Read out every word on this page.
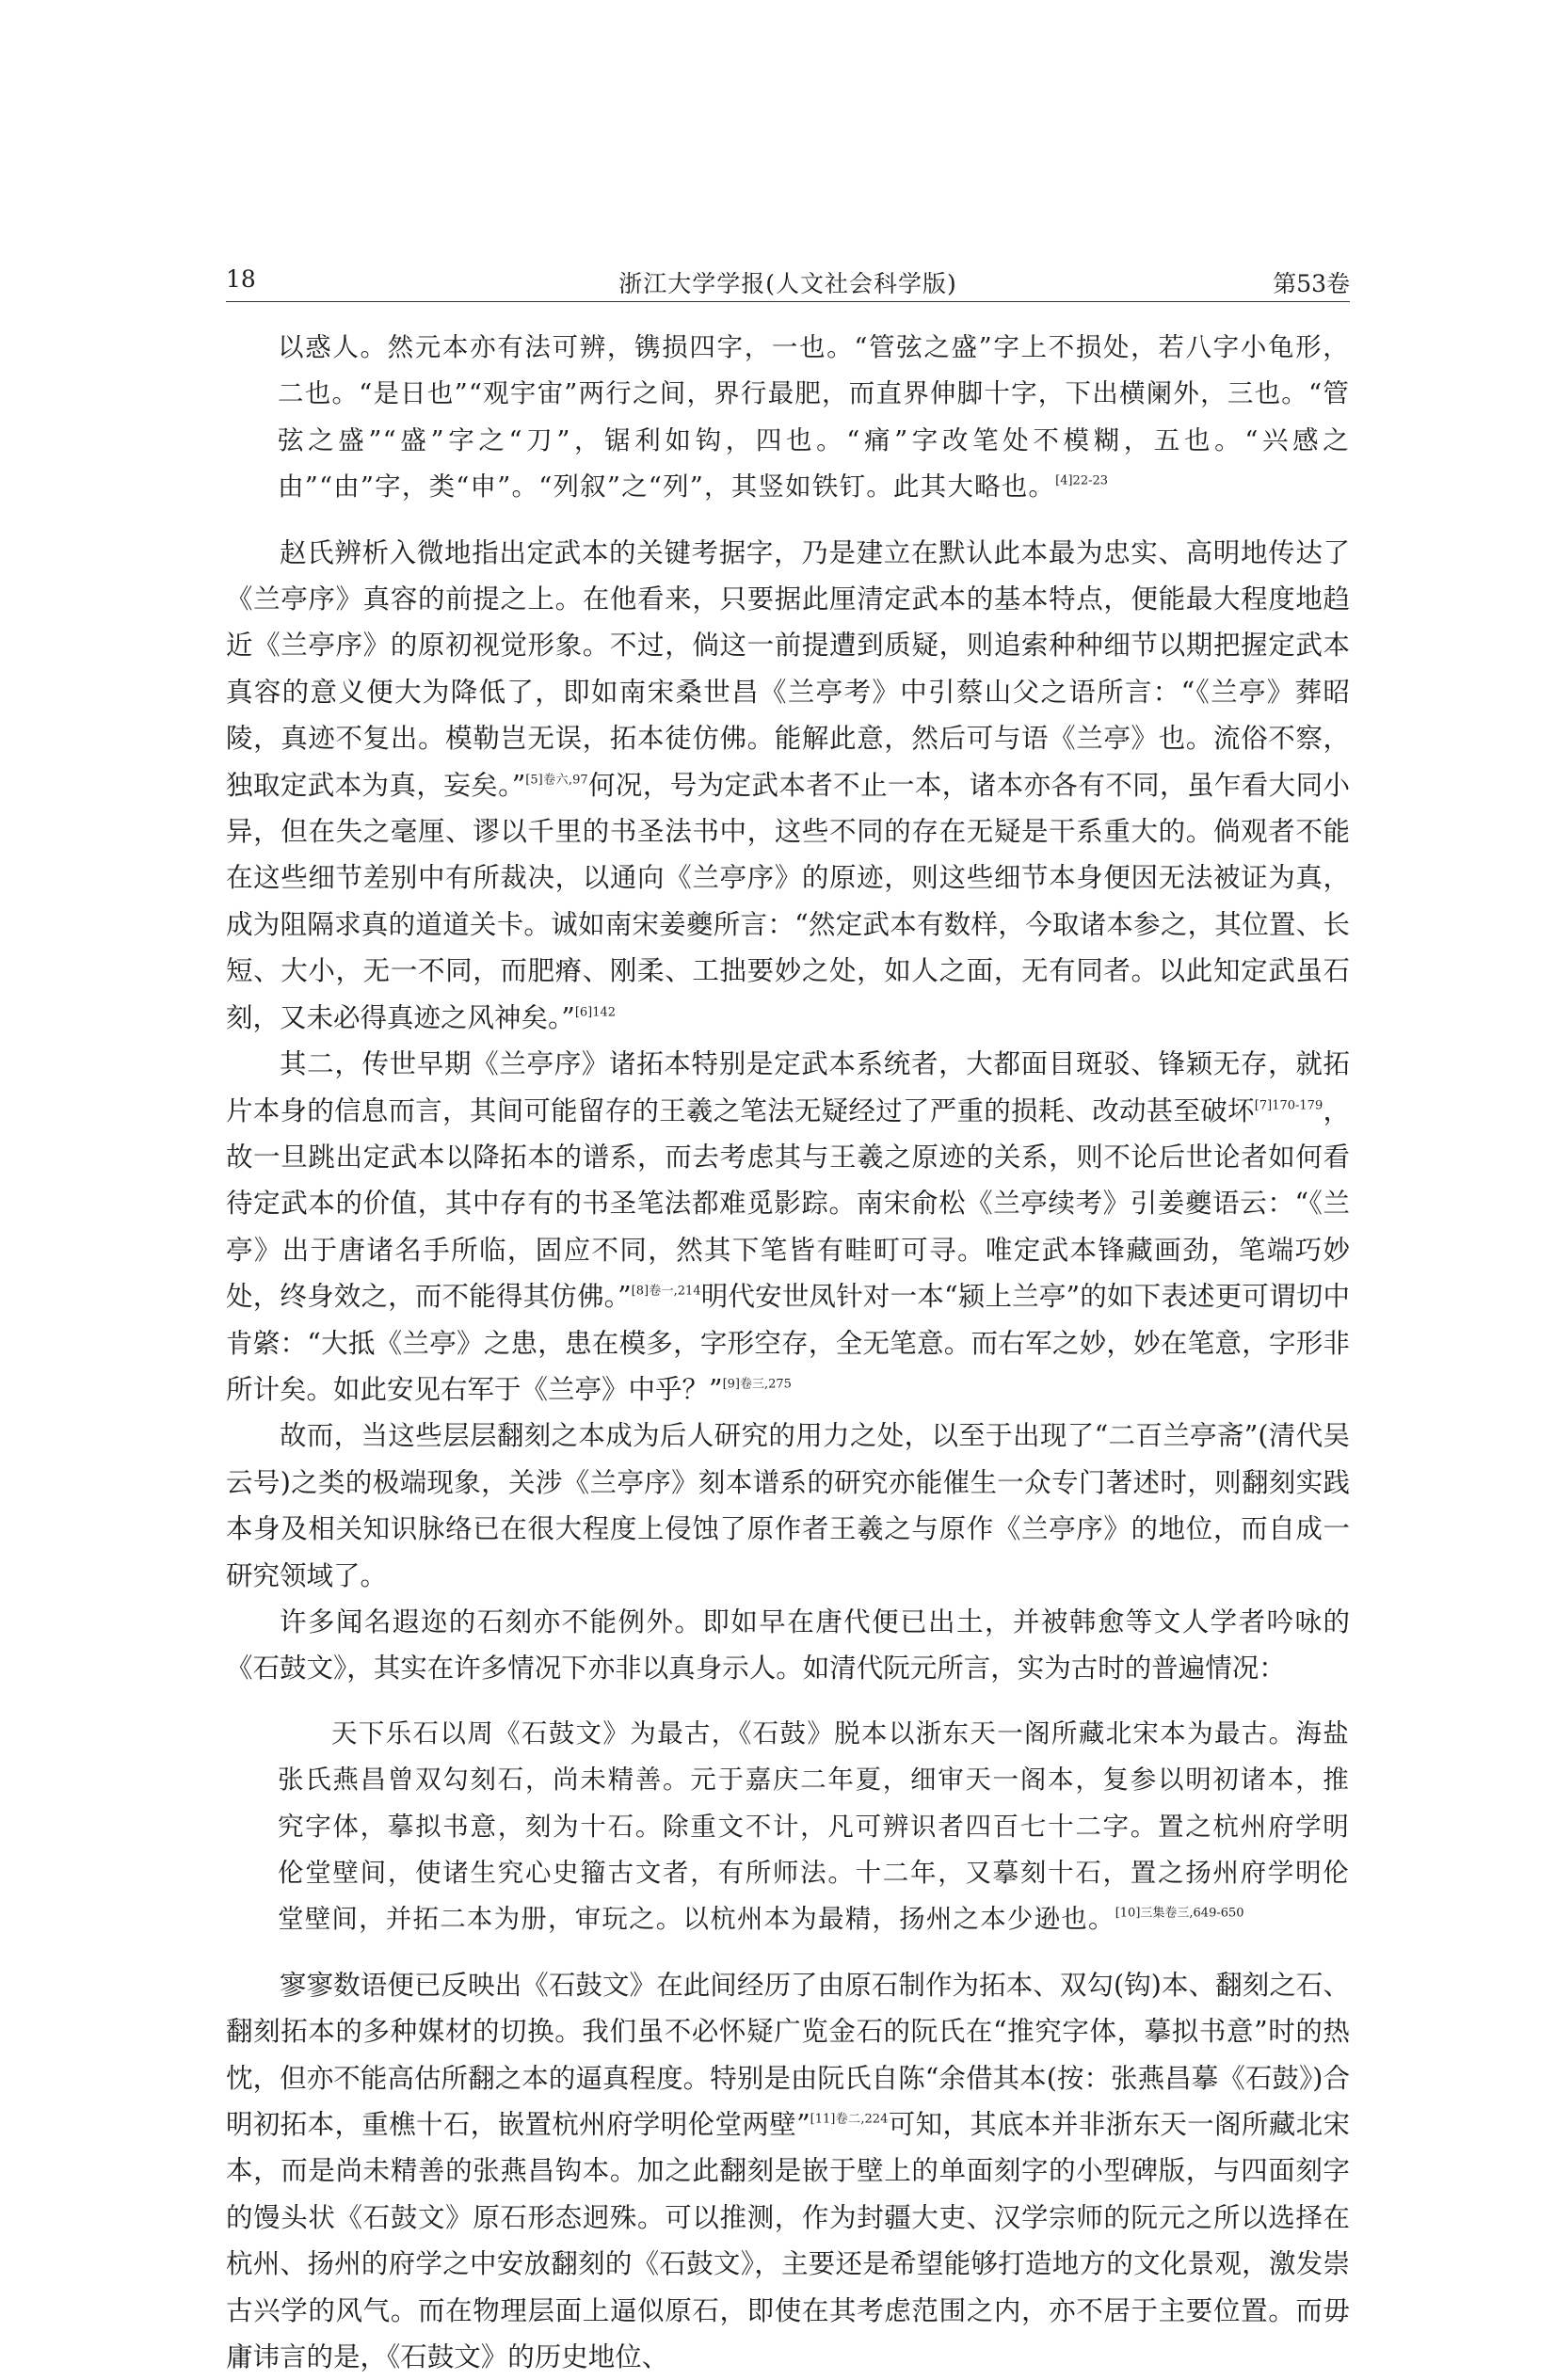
18	浙江大学学报(人文社会科学版)	第53卷

以惑人。然元本亦有法可辨，镌损四字，一也。“管弦之盛”字上不损处，若八字小龟形，二也。“是日也”“观宇宙”两行之间，界行最肥，而直界伸脚十字，下出横阑外，三也。“管弦之盛”“盛”字之“刀”，锯利如钩，四也。“痛”字改笔处不模糊，五也。“兴感之由”“由”字，类“申”。“列叙”之“列”，其竖如铁钉。此其大略也。$^{[4]22-23}$

赵氏辨析入微地指出定武本的关键考据字，乃是建立在默认此本最为忠实、高明地传达了《兰亭序》真容的前提之上。在他看来，只要据此厘清定武本的基本特点，便能最大程度地趋近《兰亭序》的原初视觉形象。不过，倘这一前提遭到质疑，则追索种种细节以期把握定武本真容的意义便大为降低了，即如南宋桑世昌《兰亭考》中引蔡山父之语所言：“《兰亭》葬昭陵，真迹不复出。模勒岂无误，拓本徒仿佛。能解此意，然后可与语《兰亭》也。流俗不察，独取定武本为真，妄矣。”$^{[5]卷六,97}$何况，号为定武本者不止一本，诸本亦各有不同，虽乍看大同小异，但在失之毫厘、谬以千里的书圣法书中，这些不同的存在无疑是干系重大的。倘观者不能在这些细节差别中有所裁决，以通向《兰亭序》的原迹，则这些细节本身便因无法被证为真，成为阻隔求真的道道关卡。诚如南宋姜夔所言：“然定武本有数样，今取诸本参之，其位置、长短、大小，无一不同，而肥瘠、刚柔、工拙要妙之处，如人之面，无有同者。以此知定武虽石刻，又未必得真迹之风神矣。”$^{[6]142}$

其二，传世早期《兰亭序》诸拓本特别是定武本系统者，大都面目斑驳、锋颖无存，就拓片本身的信息而言，其间可能留存的王羲之笔法无疑经过了严重的损耗、改动甚至破坏$^{[7]170-179}$，故一旦跳出定武本以降拓本的谱系，而去考虑其与王羲之原迹的关系，则不论后世论者如何看待定武本的价值，其中存有的书圣笔法都难觅影踪。南宋俞松《兰亭续考》引姜夔语云：“《兰亭》出于唐诸名手所临，固应不同，然其下笔皆有畦町可寻。唯定武本锋藏画劲，笔端巧妙处，终身效之，而不能得其仿佛。”$^{[8]卷一,214}$明代安世凤针对一本“颍上兰亭”的如下表述更可谓切中肯綮：“大抵《兰亭》之患，患在模多，字形空存，全无笔意。而右军之妙，妙在笔意，字形非所计矣。如此安见右军于《兰亭》中乎？”$^{[9]卷三,275}$

故而，当这些层层翻刻之本成为后人研究的用力之处，以至于出现了“二百兰亭斋”(清代吴云号)之类的极端现象，关涉《兰亭序》刻本谱系的研究亦能催生一众专门著述时，则翻刻实践本身及相关知识脉络已在很大程度上侵蚀了原作者王羲之与原作《兰亭序》的地位，而自成一研究领域了。

许多闻名遐迩的石刻亦不能例外。即如早在唐代便已出土，并被韩愈等文人学者吟咏的《石鼓文》，其实在许多情况下亦非以真身示人。如清代阮元所言，实为古时的普遍情况：

天下乐石以周《石鼓文》为最古，《石鼓》脱本以浙东天一阁所藏北宋本为最古。海盐张氏燕昌曾双勾刻石，尚未精善。元于嘉庆二年夏，细审天一阁本，复参以明初诸本，推究字体，摹拟书意，刻为十石。除重文不计，凡可辨识者四百七十二字。置之杭州府学明伦堂壁间，使诸生究心史籀古文者，有所师法。十二年，又摹刻十石，置之扬州府学明伦堂壁间，并拓二本为册，审玩之。以杭州本为最精，扬州之本少逊也。$^{[10]三集卷三,649-650}$

寥寥数语便已反映出《石鼓文》在此间经历了由原石制作为拓本、双勾(钩)本、翻刻之石、翻刻拓本的多种媒材的切换。我们虽不必怀疑广览金石的阮氏在“推究字体，摹拟书意”时的热忱，但亦不能高估所翻之本的逼真程度。特别是由阮氏自陈“余借其本(按：张燕昌摹《石鼓》)合明初拓本，重樵十石，嵌置杭州府学明伦堂两壁”$^{[11]卷二,224}$可知，其底本并非浙东天一阁所藏北宋本，而是尚未精善的张燕昌钩本。加之此翻刻是嵌于壁上的单面刻字的小型碑版，与四面刻字的馒头状《石鼓文》原石形态迥殊。可以推测，作为封疆大吏、汉学宗师的阮元之所以选择在杭州、扬州的府学之中安放翻刻的《石鼓文》，主要还是希望能够打造地方的文化景观，激发崇古兴学的风气。而在物理层面上逼似原石，即使在其考虑范围之内，亦不居于主要位置。而毋庸讳言的是，《石鼓文》的历史地位、
